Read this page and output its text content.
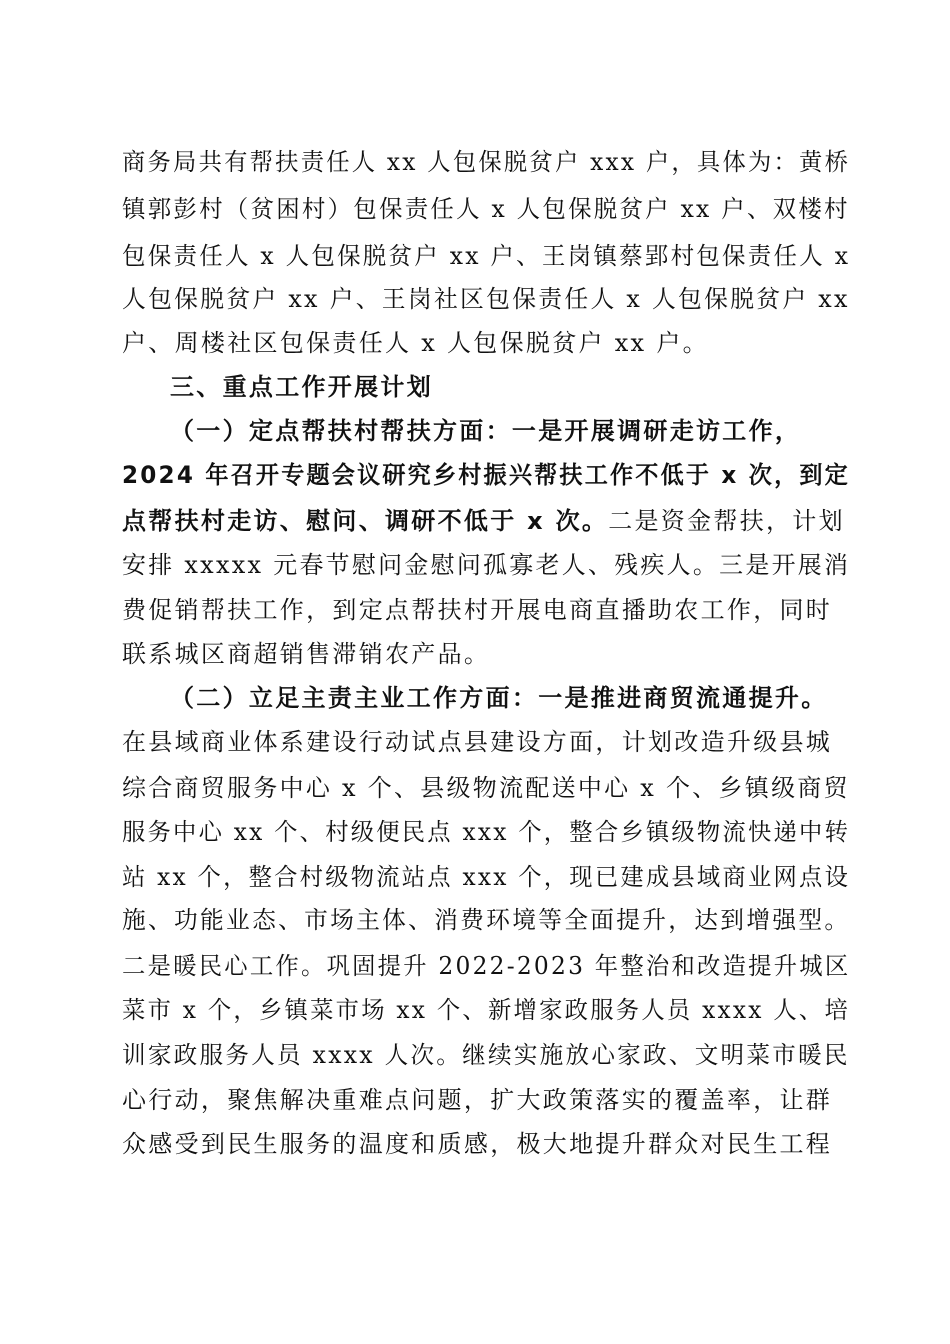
商务局共有帮扶责任人 xx 人包保脱贫户 xxx 户，具体为：黄桥
镇郭彭村（贫困村）包保责任人 x 人包保脱贫户 xx 户、双楼村
包保责任人 x 人包保脱贫户 xx 户、王岗镇蔡郢村包保责任人 x
人包保脱贫户 xx 户、王岗社区包保责任人 x 人包保脱贫户 xx
户、周楼社区包保责任人 x 人包保脱贫户 xx 户。
三、重点工作开展计划
（一）定点帮扶村帮扶方面：一是开展调研走访工作，
2024 年召开专题会议研究乡村振兴帮扶工作不低于 x 次，到定
点帮扶村走访、慰问、调研不低于 x 次。二是资金帮扶，计划
安排 xxxxx 元春节慰问金慰问孤寡老人、残疾人。三是开展消
费促销帮扶工作，到定点帮扶村开展电商直播助农工作，同时
联系城区商超销售滞销农产品。
（二）立足主责主业工作方面：一是推进商贸流通提升。
在县域商业体系建设行动试点县建设方面，计划改造升级县城
综合商贸服务中心 x 个、县级物流配送中心 x 个、乡镇级商贸
服务中心 xx 个、村级便民点 xxx 个，整合乡镇级物流快递中转
站 xx 个，整合村级物流站点 xxx 个，现已建成县域商业网点设
施、功能业态、市场主体、消费环境等全面提升，达到增强型。
二是暖民心工作。巩固提升 2022-2023 年整治和改造提升城区
菜市 x 个，乡镇菜市场 xx 个、新增家政服务人员 xxxx 人、培
训家政服务人员 xxxx 人次。继续实施放心家政、文明菜市暖民
心行动，聚焦解决重难点问题，扩大政策落实的覆盖率，让群
众感受到民生服务的温度和质感，极大地提升群众对民生工程
